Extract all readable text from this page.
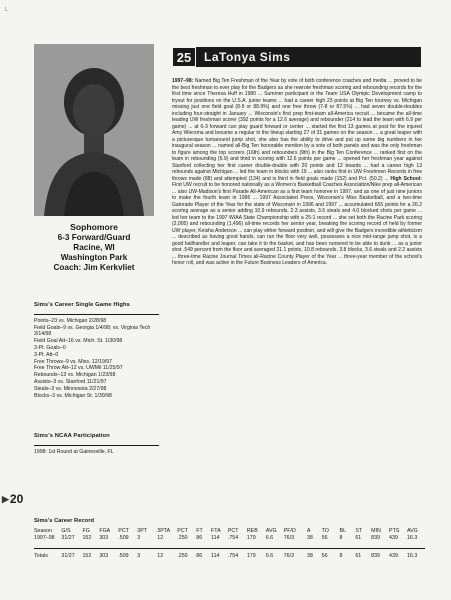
ᴸ
Sophomore
6-3 Forward/Guard
Racine, WI
Washington Park
Coach: Jim Kerkvliet
Sims's Career Single Game Highs
Points–23 vs. Michigan 2/28/98
Field Goals–9 vs. Georgia 1/4/98; vs. Virginia Tech 3/14/98
Field Goal Att–16 vs. Mich. St. 1/30/98
3-Pt. Goals–0
3-Pt. Att–0
Free Throws–9 vs. Miss. 12/19/97
Free Throw Att–12 vs. UWMil 11/25/97
Rebounds–13 vs. Michigan 1/23/98
Assists–3 vs. Stanford 11/21/97
Steals–3 vs. Minnesota 2/27/98
Blocks–3 vs. Michigan St. 1/30/98
Sims's NCAA Participation
1998: 1st Round at Gainesville, FL
25	LaTonya Sims
1997–98: Named Big Ten Freshman of the Year by vote of both conference coaches and media ... proved to be the best freshman to ever play for the Badgers as she rewrote freshman scoring and rebounding records for the first time since Theresa Huff in 1980 ... Summer participant in the Team USA Olympic Development camp to tryout for positions on the U.S.A. junior teams ... had a career high 23 points at Big Ten tourney vs. Michigan missing just one field goal (8-9 or 88.9%) and one free throw (7-8 or 87.5%) ... had seven double-doubles including four-straight in January ... Wisconsin's first prep first-team all-America recruit ... became the all-time leading UW freshman scorer (392 points for a 12.6 average) and rebounder (214 to lead the team with 6.9 per game) ... at 6-3 forward can play guard forward or center ... started the first 13 games at post for the injured Amy Wiersma and became a regular in the lineup starting 27 of 31 games on the season ... a great leaper with a picturesque turnaround jump shot, she also has the ability to drive and put up some big numbers in her inaugural season ... named all-Big Ten honorable mention by a vote of both panels and was the only freshman to figure among the top scorers (16th) and rebounders (9th) in the Big Ten Conference ... ranked first on the team in rebounding (6.9) and third in scoring with 12.6 points per game ... opened her freshman year against Stanford collecting her first career double-double with 20 points and 12 boards ... had a career high 13 rebounds against Michigan ... led the team in blocks with 19 ... also ranks first in UW Freshmen Records in free throws made (88) and attempted (134) and is third in field goals made (152) and Pct. (50.2) ... High School: First UW recruit to be honored nationally as a Women's Basketball Coaches Association/Nike prep all-American ... also UW-Madison's first Parade All-American as a first team honoree in 1997, and as one of just nine juniors to make the fourth team in 1996 ... 1997 Associated Press, Wisconsin's Miss Basketball, and a two-time Gatorade Player of the Year for the state of Wisconsin in 1996 and 1997 ... accumulated 665 points for a 26.2 scoring average as a senior adding 10.9 rebounds, 2.3 assists, 3.6 steals and 4.0 blocked shots per game ... led her team to the 1997 WIAA State Championship with a 25-1 record ... she set both the Racine Park scoring (2,005) and rebounding (1,496) all-time records her senior year, breaking the scoring record of held by former UW player, Keisha Anderson ... can play either forward position, and will give the Badgers incredible athleticism ... described as having good hands, can run the floor very well, possesses a nice mid-range jump shot, is a good ballhandler and leaper, can take it to the basket, and has been rumored to be able to dunk ... as a junior shot .549 percent from the floor and averaged 21.1 points, 10.8 rebounds, 3.8 blocks, 3.6 steals and 2.2 assists ... three-time Racine Journal Times all-Racine County Player of the Year ... three-year member of the school's honor roll, and was active in the Future Business Leaders of America.
▶ 20
Sims's Career Record
Season	G/S	FG	FGA	PCT	3PT	3PTA	PCT	FT	FTA	PCT	REB	AVG	PF/D	A	TO	BL	ST	MIN	PTS	AVG
1997–98	31/27	152	303	.509	3	12	.250	86	114	.754	179	6.6	76/3	38	56	8	61	839	439	16.3

Totals	31/27	152	303	.509	3	12	.250	86	114	.754	179	6.6	76/3	38	56	8	61	839	439	16.3
